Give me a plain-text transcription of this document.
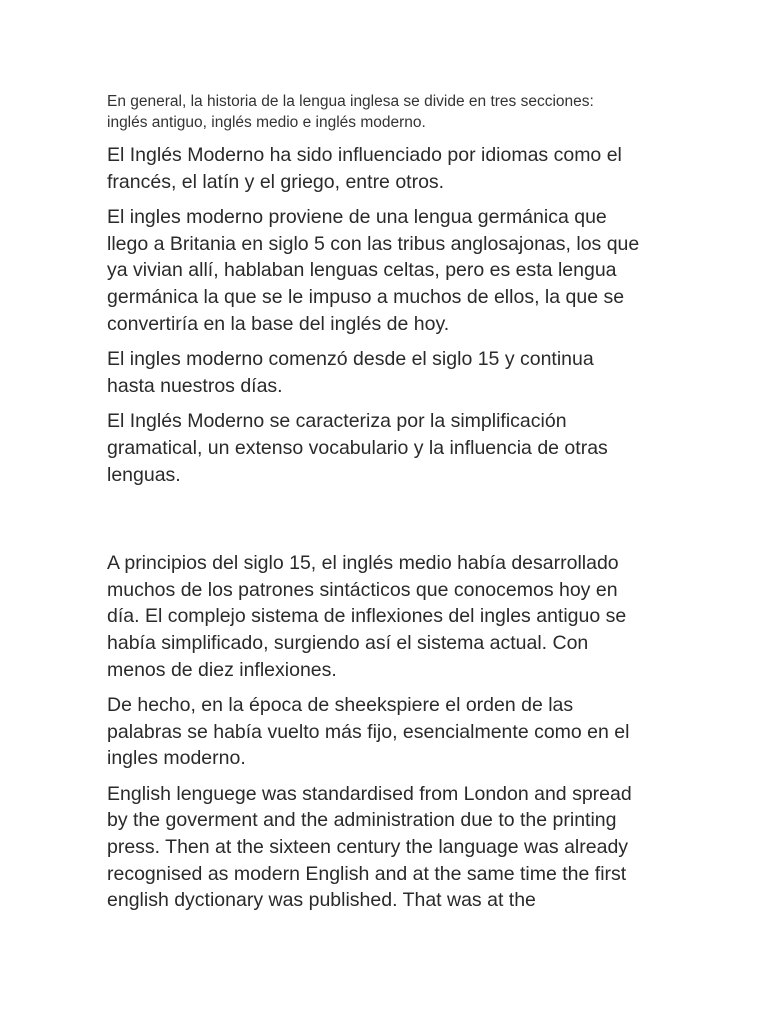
En general, la historia de la lengua inglesa se divide en tres secciones:
inglés antiguo, inglés medio e inglés moderno.

El Inglés Moderno ha sido influenciado por idiomas como el
francés, el latín y el griego, entre otros.

El ingles moderno proviene de una lengua germánica que
llego a Britania en siglo 5 con las tribus anglosajonas, los que
ya vivian allí, hablaban lenguas celtas, pero es esta lengua
germánica la que se le impuso a muchos de ellos, la que se
convertiría en la base del inglés de hoy.

El ingles moderno comenzó desde el siglo 15 y continua
hasta nuestros días.

El Inglés Moderno se caracteriza por la simplificación
gramatical, un extenso vocabulario y la influencia de otras
lenguas.

A principios del siglo 15, el inglés medio había desarrollado
muchos de los patrones sintácticos que conocemos hoy en
día. El complejo sistema de inflexiones del ingles antiguo se
había simplificado, surgiendo así el sistema actual. Con
menos de diez inflexiones.

De hecho, en la época de sheekspiere el orden de las
palabras se había vuelto más fijo, esencialmente como en el
ingles moderno.

English lenguege was standardised from London and spread
by the goverment and the administration due to the printing
press. Then at the sixteen century the language was already
recognised as modern English and at the same time the first
english dyctionary was published. That was at the
